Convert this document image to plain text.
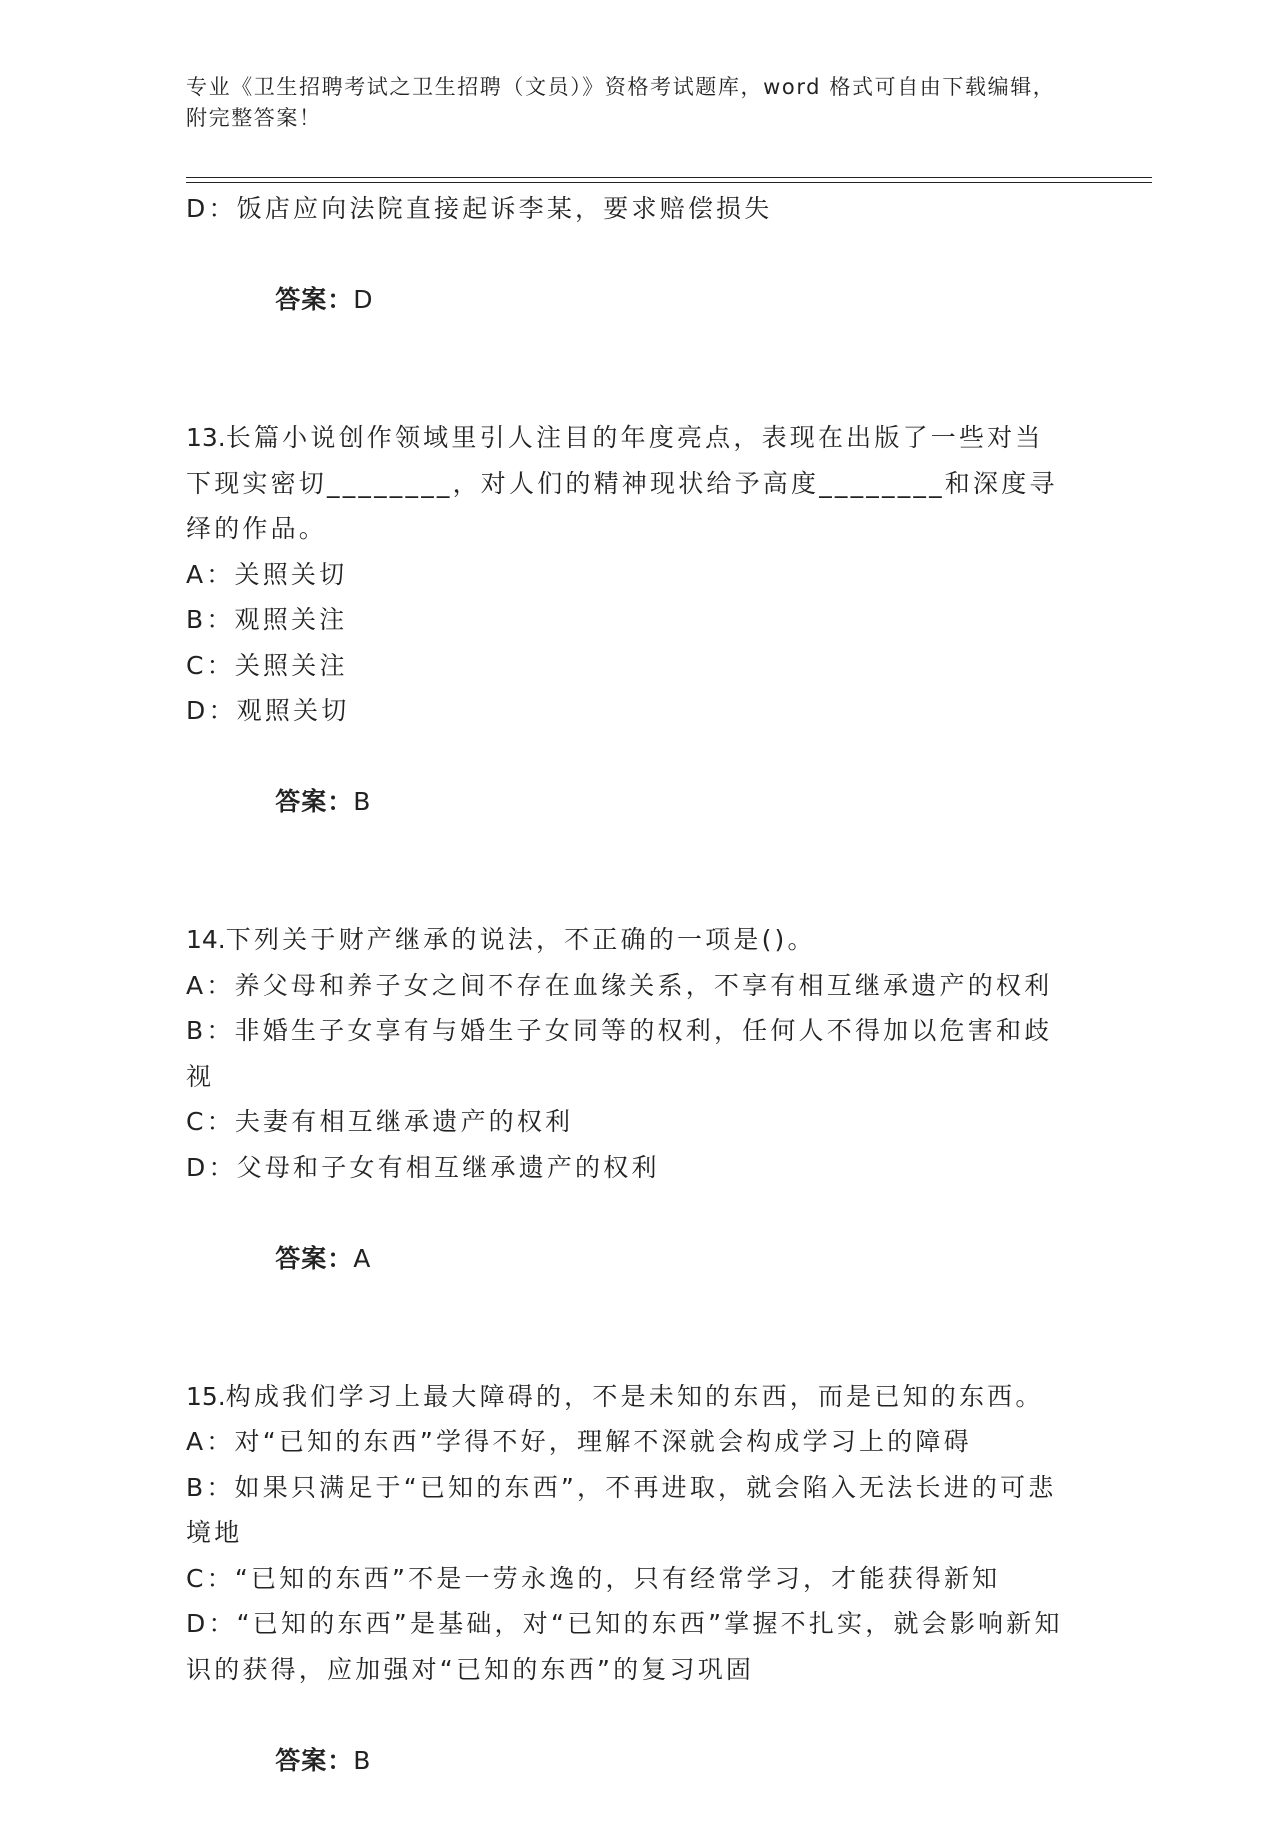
专业《卫生招聘考试之卫生招聘（文员）》资格考试题库，word 格式可自由下载编辑，附完整答案！
D：饭店应向法院直接起诉李某，要求赔偿损失

答案：D

13.长篇小说创作领域里引人注目的年度亮点，表现在出版了一些对当下现实密切________，对人们的精神现状给予高度________和深度寻绎的作品。
A：关照关切
B：观照关注
C：关照关注
D：观照关切

答案：B

14.下列关于财产继承的说法，不正确的一项是()。
A：养父母和养子女之间不存在血缘关系，不享有相互继承遗产的权利
B：非婚生子女享有与婚生子女同等的权利，任何人不得加以危害和歧视
C：夫妻有相互继承遗产的权利
D：父母和子女有相互继承遗产的权利

答案：A

15.构成我们学习上最大障碍的，不是未知的东西，而是已知的东西。
A：对“已知的东西”学得不好，理解不深就会构成学习上的障碍
B：如果只满足于“已知的东西”，不再进取，就会陷入无法长进的可悲境地
C：“已知的东西”不是一劳永逸的，只有经常学习，才能获得新知
D：“已知的东西”是基础，对“已知的东西”掌握不扎实，就会影响新知识的获得，应加强对“已知的东西”的复习巩固

答案：B
